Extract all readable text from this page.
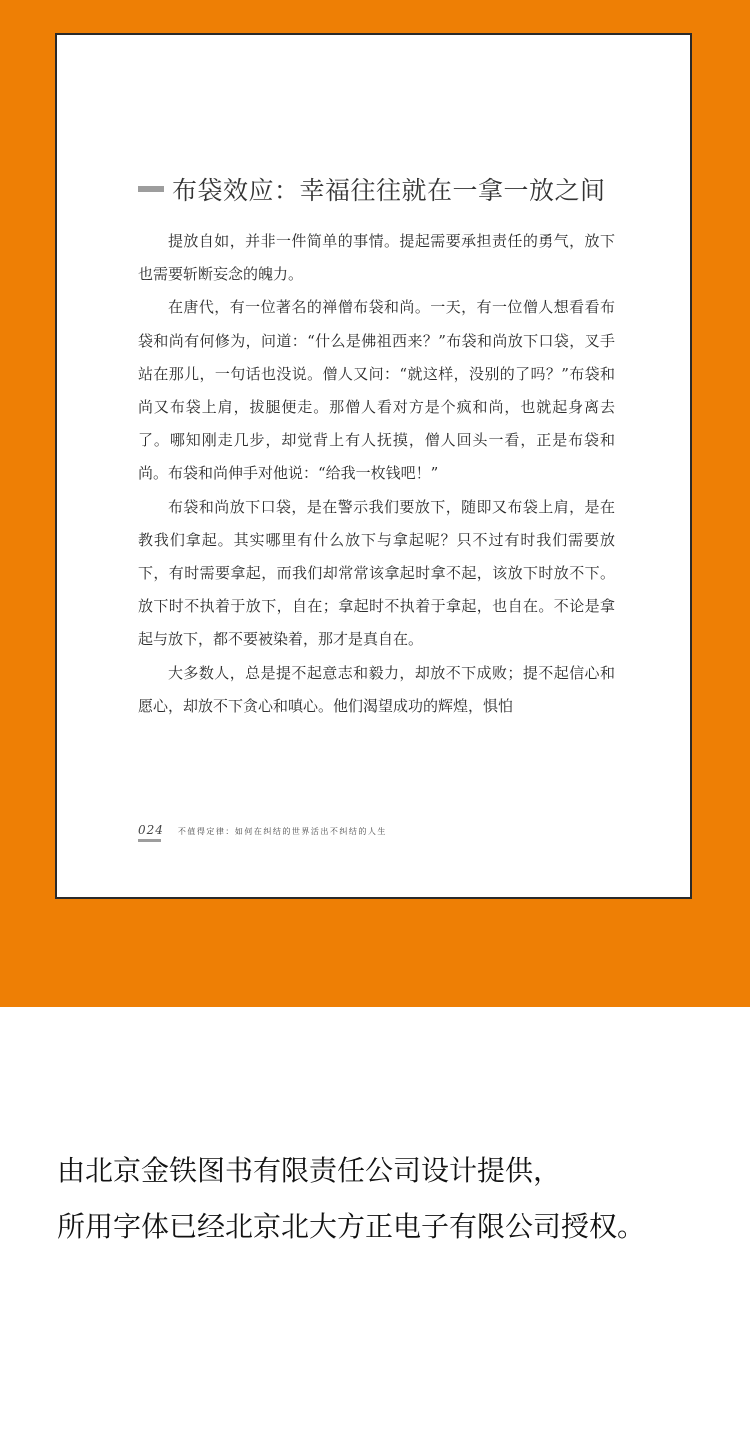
布袋效应：幸福往往就在一拿一放之间

提放自如，并非一件简单的事情。提起需要承担责任的勇气，放下也需要斩断妄念的魄力。

在唐代，有一位著名的禅僧布袋和尚。一天，有一位僧人想看看布袋和尚有何修为，问道：“什么是佛祖西来？”布袋和尚放下口袋，叉手站在那儿，一句话也没说。僧人又问：“就这样，没别的了吗？”布袋和尚又布袋上肩，拔腿便走。那僧人看对方是个疯和尚，也就起身离去了。哪知刚走几步，却觉背上有人抚摸，僧人回头一看，正是布袋和尚。布袋和尚伸手对他说：“给我一枚钱吧！”

布袋和尚放下口袋，是在警示我们要放下，随即又布袋上肩，是在教我们拿起。其实哪里有什么放下与拿起呢？只不过有时我们需要放下，有时需要拿起，而我们却常常该拿起时拿不起，该放下时放不下。放下时不执着于放下，自在；拿起时不执着于拿起，也自在。不论是拿起与放下，都不要被染着，那才是真自在。

大多数人，总是提不起意志和毅力，却放不下成败；提不起信心和愿心，却放不下贪心和嗔心。他们渴望成功的辉煌，惧怕

024 不值得定律：如何在纠结的世界活出不纠结的人生
由北京金铁图书有限责任公司设计提供，
所用字体已经北京北大方正电子有限公司授权。
